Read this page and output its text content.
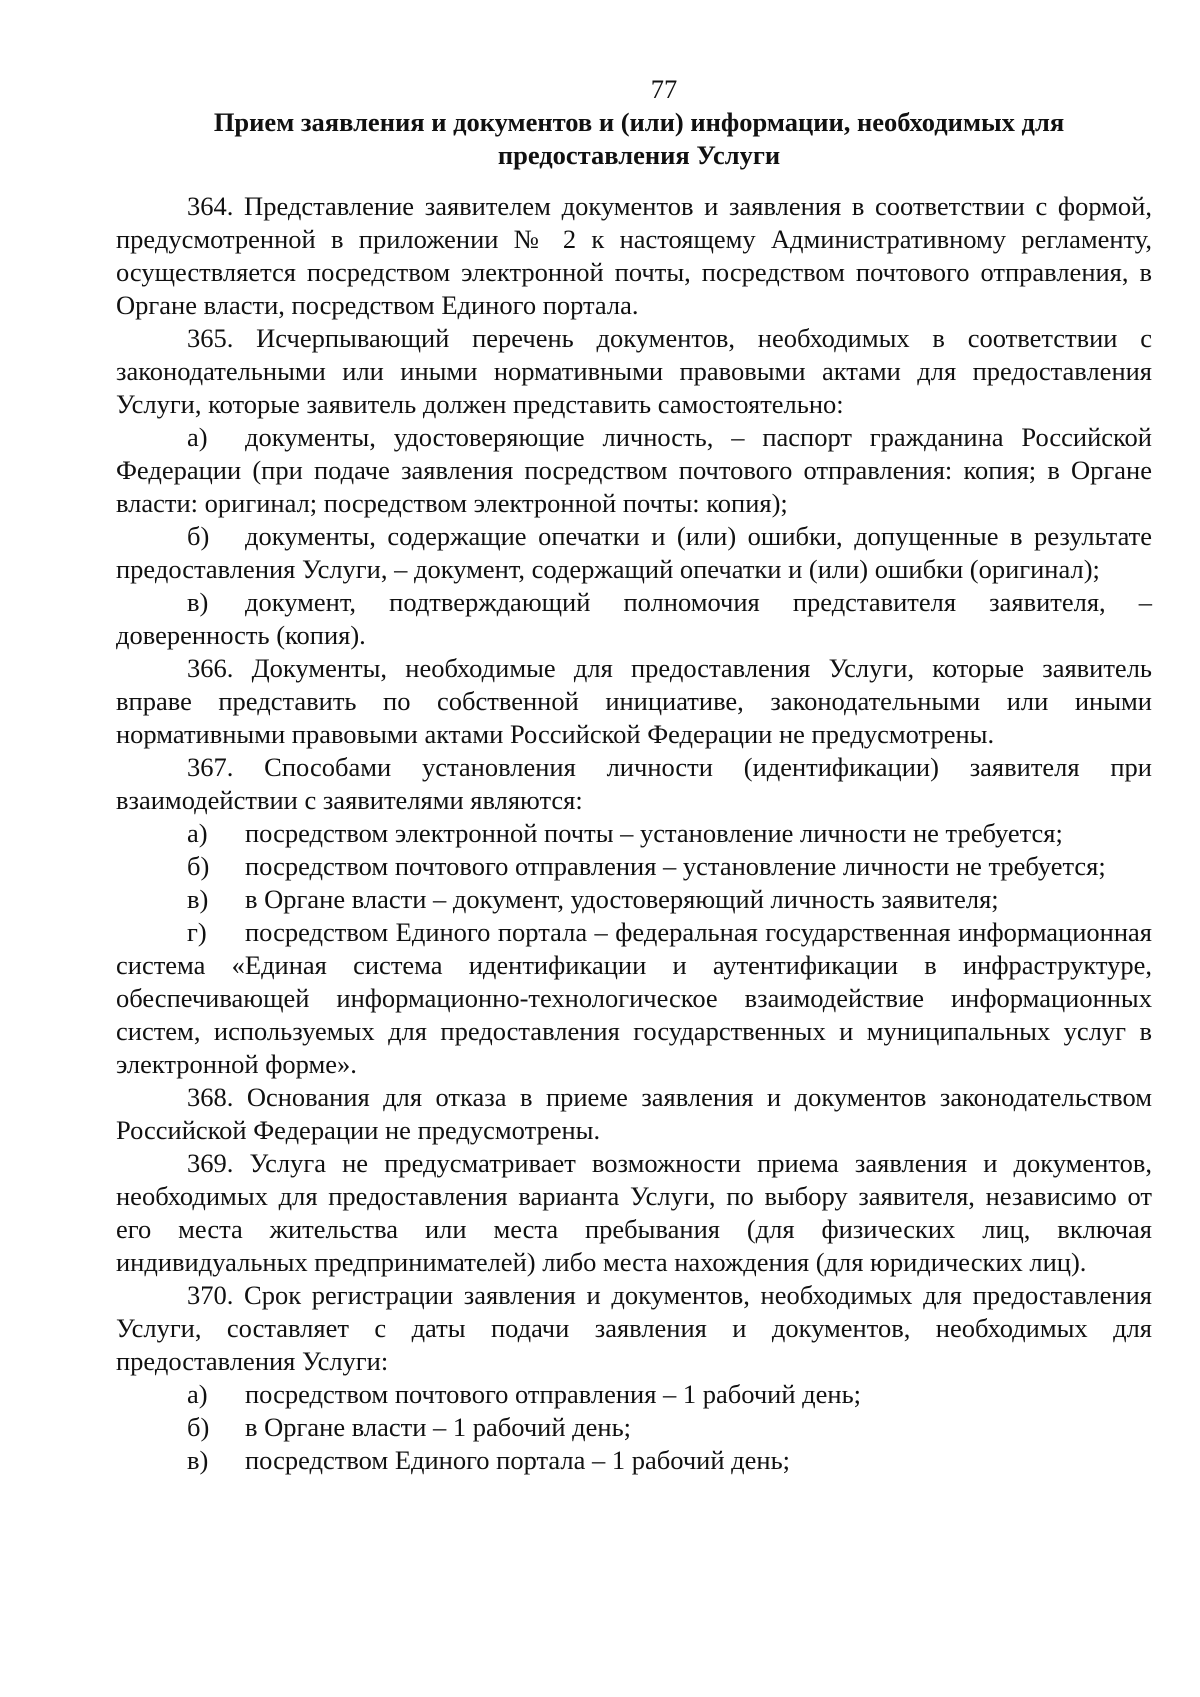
77
Прием заявления и документов и (или) информации, необходимых для
предоставления Услуги

364. Представление заявителем документов и заявления в соответствии с формой, предусмотренной в приложении № 2 к настоящему Административному регламенту, осуществляется посредством электронной почты, посредством почтового отправления, в Органе власти, посредством Единого портала.

365. Исчерпывающий перечень документов, необходимых в соответствии с законодательными или иными нормативными правовыми актами для предоставления Услуги, которые заявитель должен представить самостоятельно:

а) документы, удостоверяющие личность, – паспорт гражданина Российской Федерации (при подаче заявления посредством почтового отправления: копия; в Органе власти: оригинал; посредством электронной почты: копия);

б) документы, содержащие опечатки и (или) ошибки, допущенные в результате предоставления Услуги, – документ, содержащий опечатки и (или) ошибки (оригинал);

в) документ, подтверждающий полномочия представителя заявителя, – доверенность (копия).

366. Документы, необходимые для предоставления Услуги, которые заявитель вправе представить по собственной инициативе, законодательными или иными нормативными правовыми актами Российской Федерации не предусмотрены.

367. Способами установления личности (идентификации) заявителя при взаимодействии с заявителями являются:

а) посредством электронной почты – установление личности не требуется;

б) посредством почтового отправления – установление личности не требуется;

в) в Органе власти – документ, удостоверяющий личность заявителя;

г) посредством Единого портала – федеральная государственная информационная система «Единая система идентификации и аутентификации в инфраструктуре, обеспечивающей информационно-технологическое взаимодействие информационных систем, используемых для предоставления государственных и муниципальных услуг в электронной форме».

368. Основания для отказа в приеме заявления и документов законодательством Российской Федерации не предусмотрены.

369. Услуга не предусматривает возможности приема заявления и документов, необходимых для предоставления варианта Услуги, по выбору заявителя, независимо от его места жительства или места пребывания (для физических лиц, включая индивидуальных предпринимателей) либо места нахождения (для юридических лиц).

370. Срок регистрации заявления и документов, необходимых для предоставления Услуги, составляет с даты подачи заявления и документов, необходимых для предоставления Услуги:

а) посредством почтового отправления – 1 рабочий день;

б) в Органе власти – 1 рабочий день;

в) посредством Единого портала – 1 рабочий день;
